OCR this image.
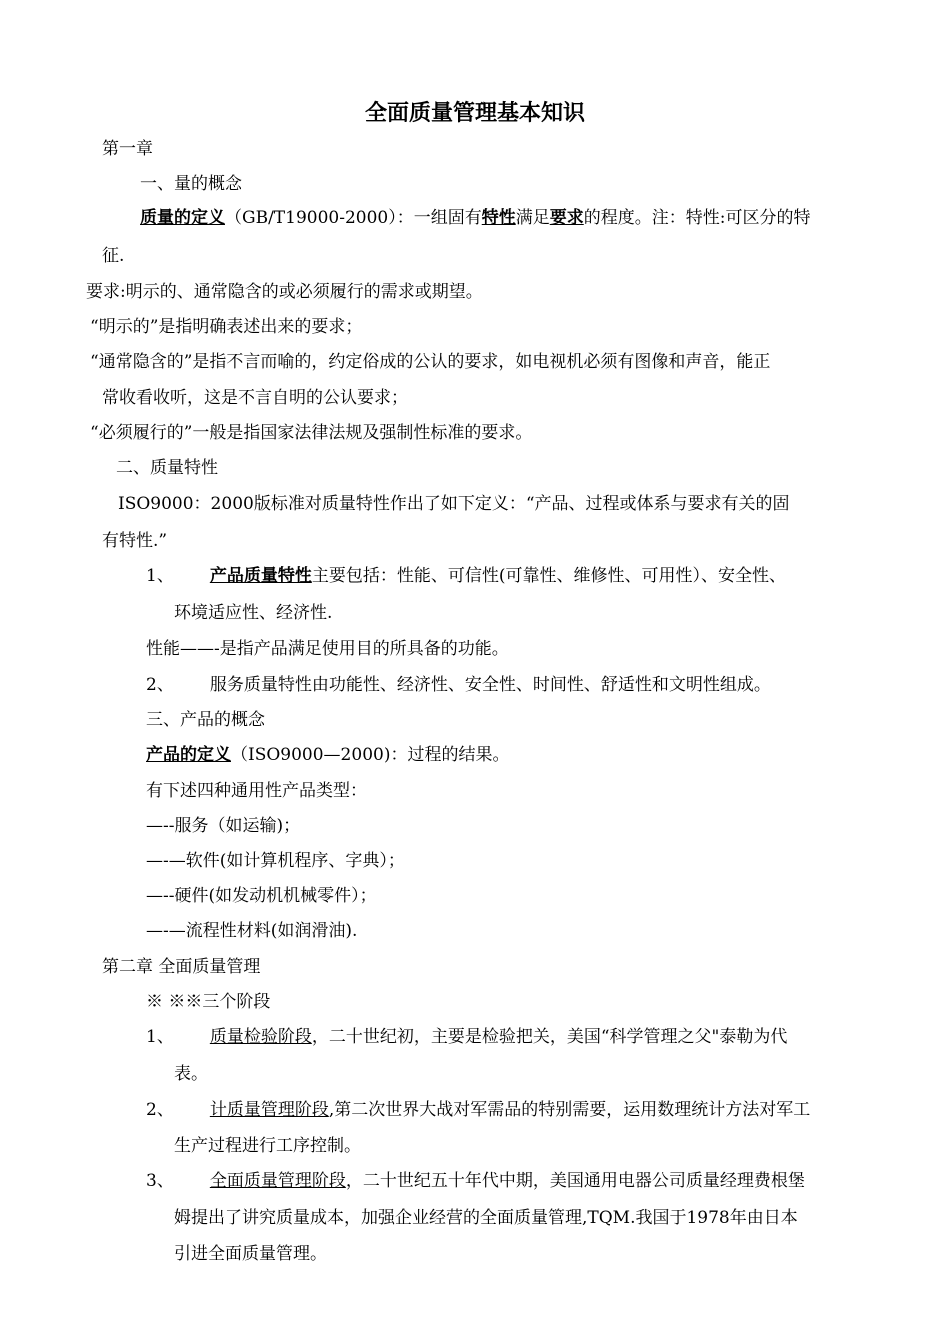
全面质量管理基本知识
第一章
一、量的概念
质量的定义（GB/T19000-2000）：一组固有特性满足要求的程度。注：特性:可区分的特
征.
要求:明示的、通常隐含的或必须履行的需求或期望。
“明示的”是指明确表述出来的要求；
“通常隐含的”是指不言而喻的，约定俗成的公认的要求，如电视机必须有图像和声音，能正
常收看收听，这是不言自明的公认要求；
“必须履行的”一般是指国家法律法规及强制性标准的要求。
二、质量特性
ISO9000：2000版标准对质量特性作出了如下定义：“产品、过程或体系与要求有关的固
有特性.”
1、 产品质量特性主要包括：性能、可信性(可靠性、维修性、可用性）、安全性、
环境适应性、经济性.
性能——-是指产品满足使用目的所具备的功能。
2、 服务质量特性由功能性、经济性、安全性、时间性、舒适性和文明性组成。
三、产品的概念
产品的定义（ISO9000—2000)：过程的结果。
有下述四种通用性产品类型：
—--服务（如运输)；
—-—软件(如计算机程序、字典）；
—--硬件(如发动机机械零件）；
—-—流程性材料(如润滑油).
第二章 全面质量管理
※ ※※三个阶段
1、 质量检验阶段，二十世纪初，主要是检验把关，美国“科学管理之父"泰勒为代
表。
2、 计质量管理阶段,第二次世界大战对军需品的特别需要，运用数理统计方法对军工
生产过程进行工序控制。
3、 全面质量管理阶段，二十世纪五十年代中期，美国通用电器公司质量经理费根堡
姆提出了讲究质量成本，加强企业经营的全面质量管理,TQM.我国于1978年由日本
引进全面质量管理。
